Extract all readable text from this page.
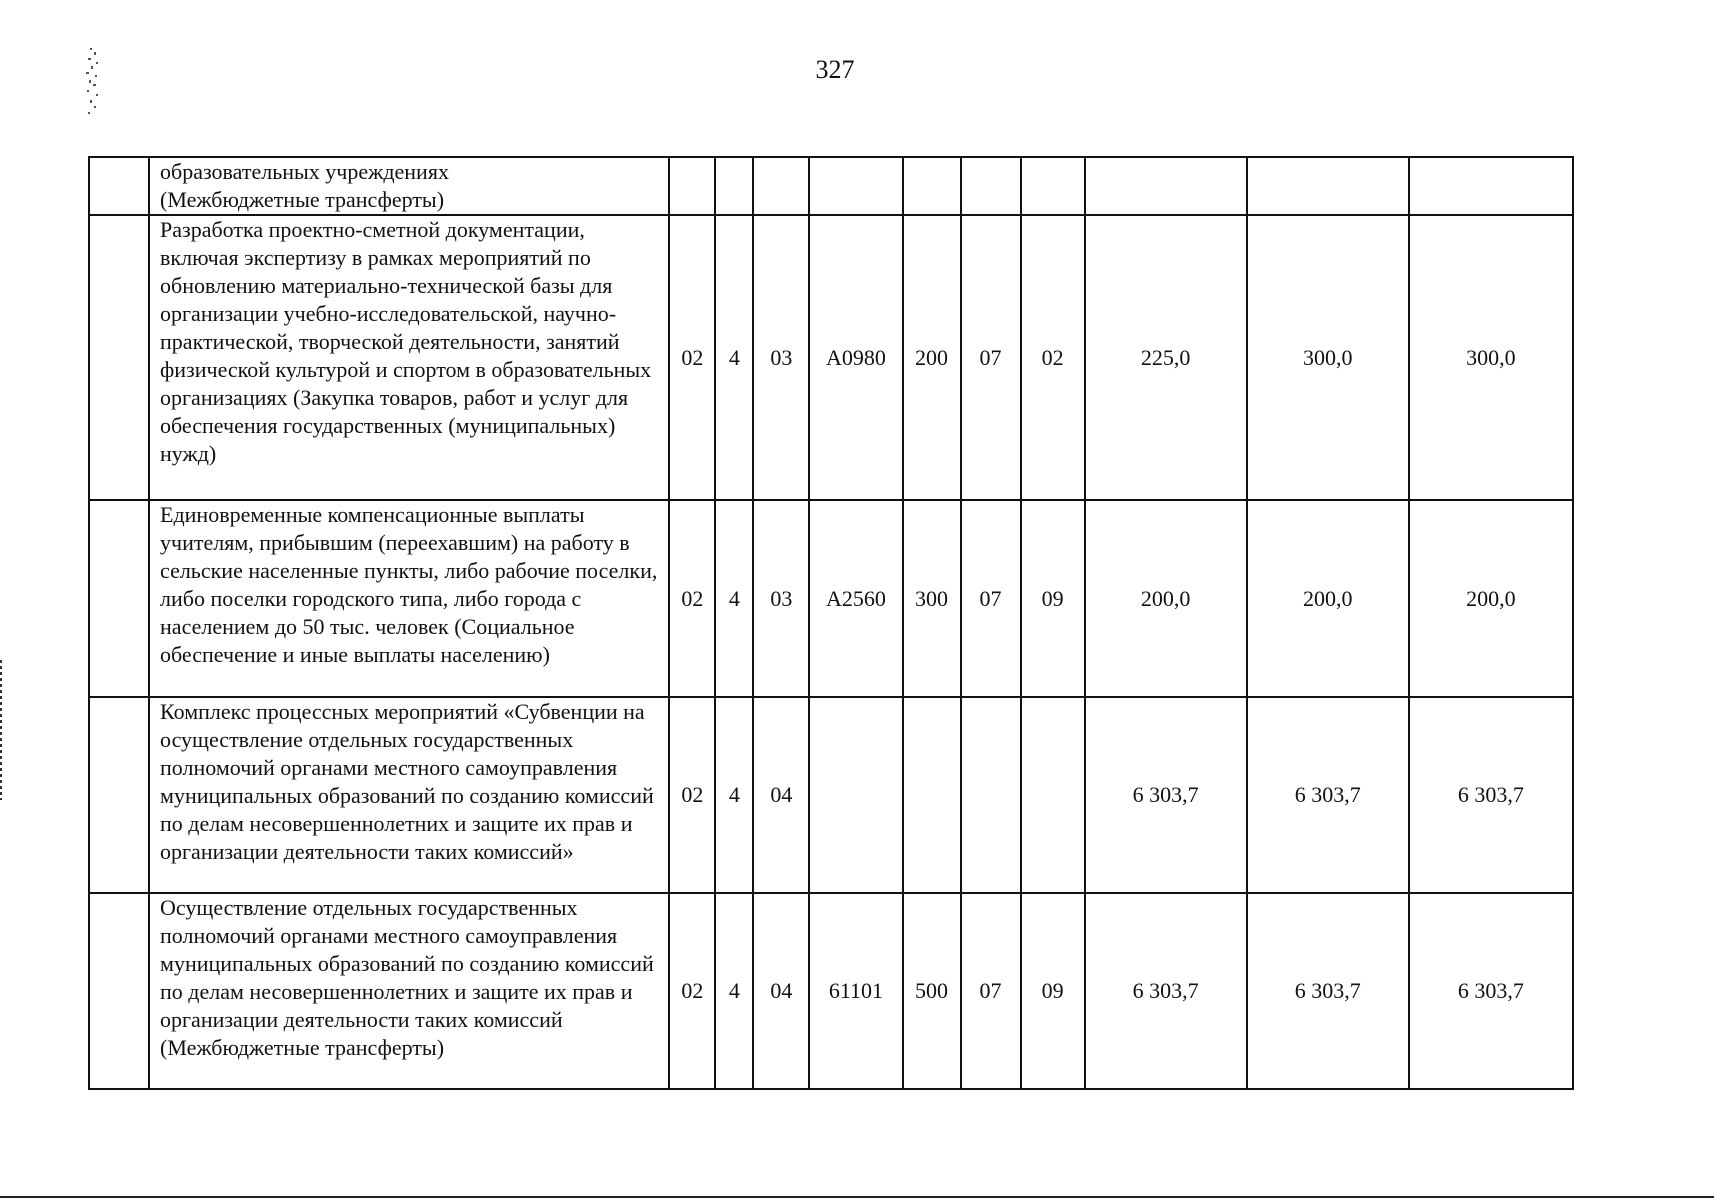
327
	образовательных учреждениях
(Межбюджетные трансферты)										
	Разработка проектно-сметной документации, включая экспертизу в рамках мероприятий по обновлению материально-технической базы для организации учебно-исследовательской, научно-практической, творческой деятельности, занятий физической культурой и спортом в образовательных организациях (Закупка товаров, работ и услуг для обеспечения государственных (муниципальных) нужд)	02	4	03	А0980	200	07	02	225,0	300,0	300,0
	Единовременные компенсационные выплаты учителям, прибывшим (переехавшим) на работу в сельские населенные пункты, либо рабочие поселки, либо поселки городского типа, либо города с населением до 50 тыс. человек (Социальное обеспечение и иные выплаты населению)	02	4	03	А2560	300	07	09	200,0	200,0	200,0
	Комплекс процессных мероприятий «Субвенции на осуществление отдельных государственных полномочий органами местного самоуправления муниципальных образований по созданию комиссий по делам несовершеннолетних и защите их прав и организации деятельности таких комиссий»	02	4	04					6 303,7	6 303,7	6 303,7
	Осуществление отдельных государственных полномочий органами местного самоуправления муниципальных образований по созданию комиссий по делам несовершеннолетних и защите их прав и организации деятельности таких комиссий (Межбюджетные трансферты)	02	4	04	61101	500	07	09	6 303,7	6 303,7	6 303,7
